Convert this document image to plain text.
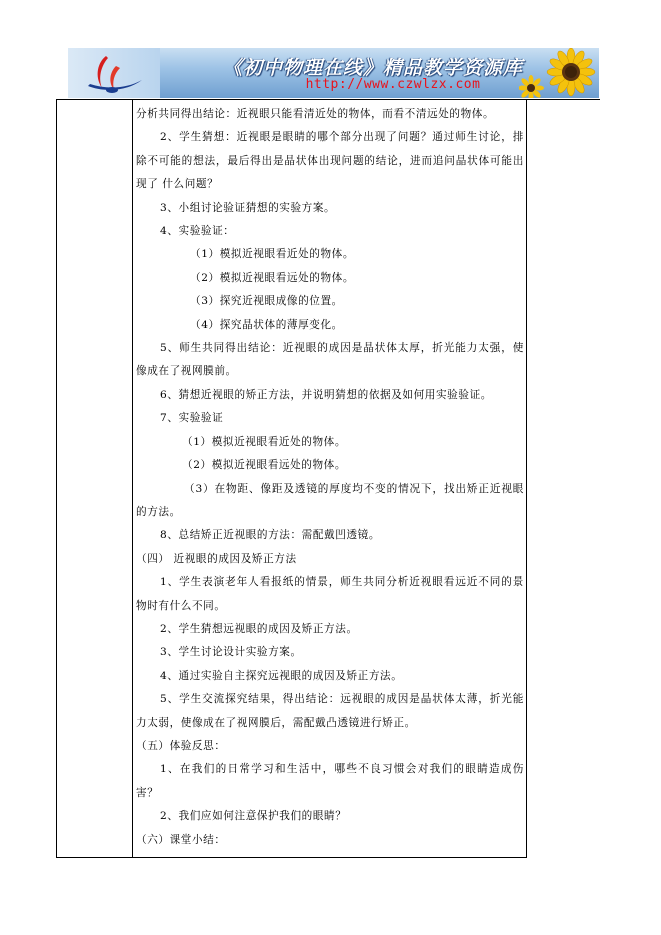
《初中物理在线》精品教学资源库
http://www.czwlzx.com

分析共同得出结论：近视眼只能看清近处的物体，而看不清远处的物体。

2、学生猜想：近视眼是眼睛的哪个部分出现了问题？通过师生讨论，排除不可能的想法，最后得出是晶状体出现问题的结论，进而追问晶状体可能出现了 什么问题？

3、小组讨论验证猜想的实验方案。

4、实验验证：

（1）模拟近视眼看近处的物体。

（2）模拟近视眼看远处的物体。

（3）探究近视眼成像的位置。

（4）探究晶状体的薄厚变化。

5、师生共同得出结论：近视眼的成因是晶状体太厚，折光能力太强，使像成在了视网膜前。

6、猜想近视眼的矫正方法，并说明猜想的依据及如何用实验验证。

7、实验验证

（1）模拟近视眼看近处的物体。

（2）模拟近视眼看远处的物体。

（3）在物距、像距及透镜的厚度均不变的情况下，找出矫正近视眼的方法。

8、总结矫正近视眼的方法：需配戴凹透镜。

（四） 近视眼的成因及矫正方法

1、学生表演老年人看报纸的情景，师生共同分析近视眼看远近不同的景物时有什么不同。

2、学生猜想远视眼的成因及矫正方法。

3、学生讨论设计实验方案。

4、通过实验自主探究远视眼的成因及矫正方法。

5、学生交流探究结果，得出结论：远视眼的成因是晶状体太薄，折光能力太弱，使像成在了视网膜后，需配戴凸透镜进行矫正。

（五）体验反思：

1、在我们的日常学习和生活中，哪些不良习惯会对我们的眼睛造成伤害？

2、我们应如何注意保护我们的眼睛？

（六）课堂小结：
